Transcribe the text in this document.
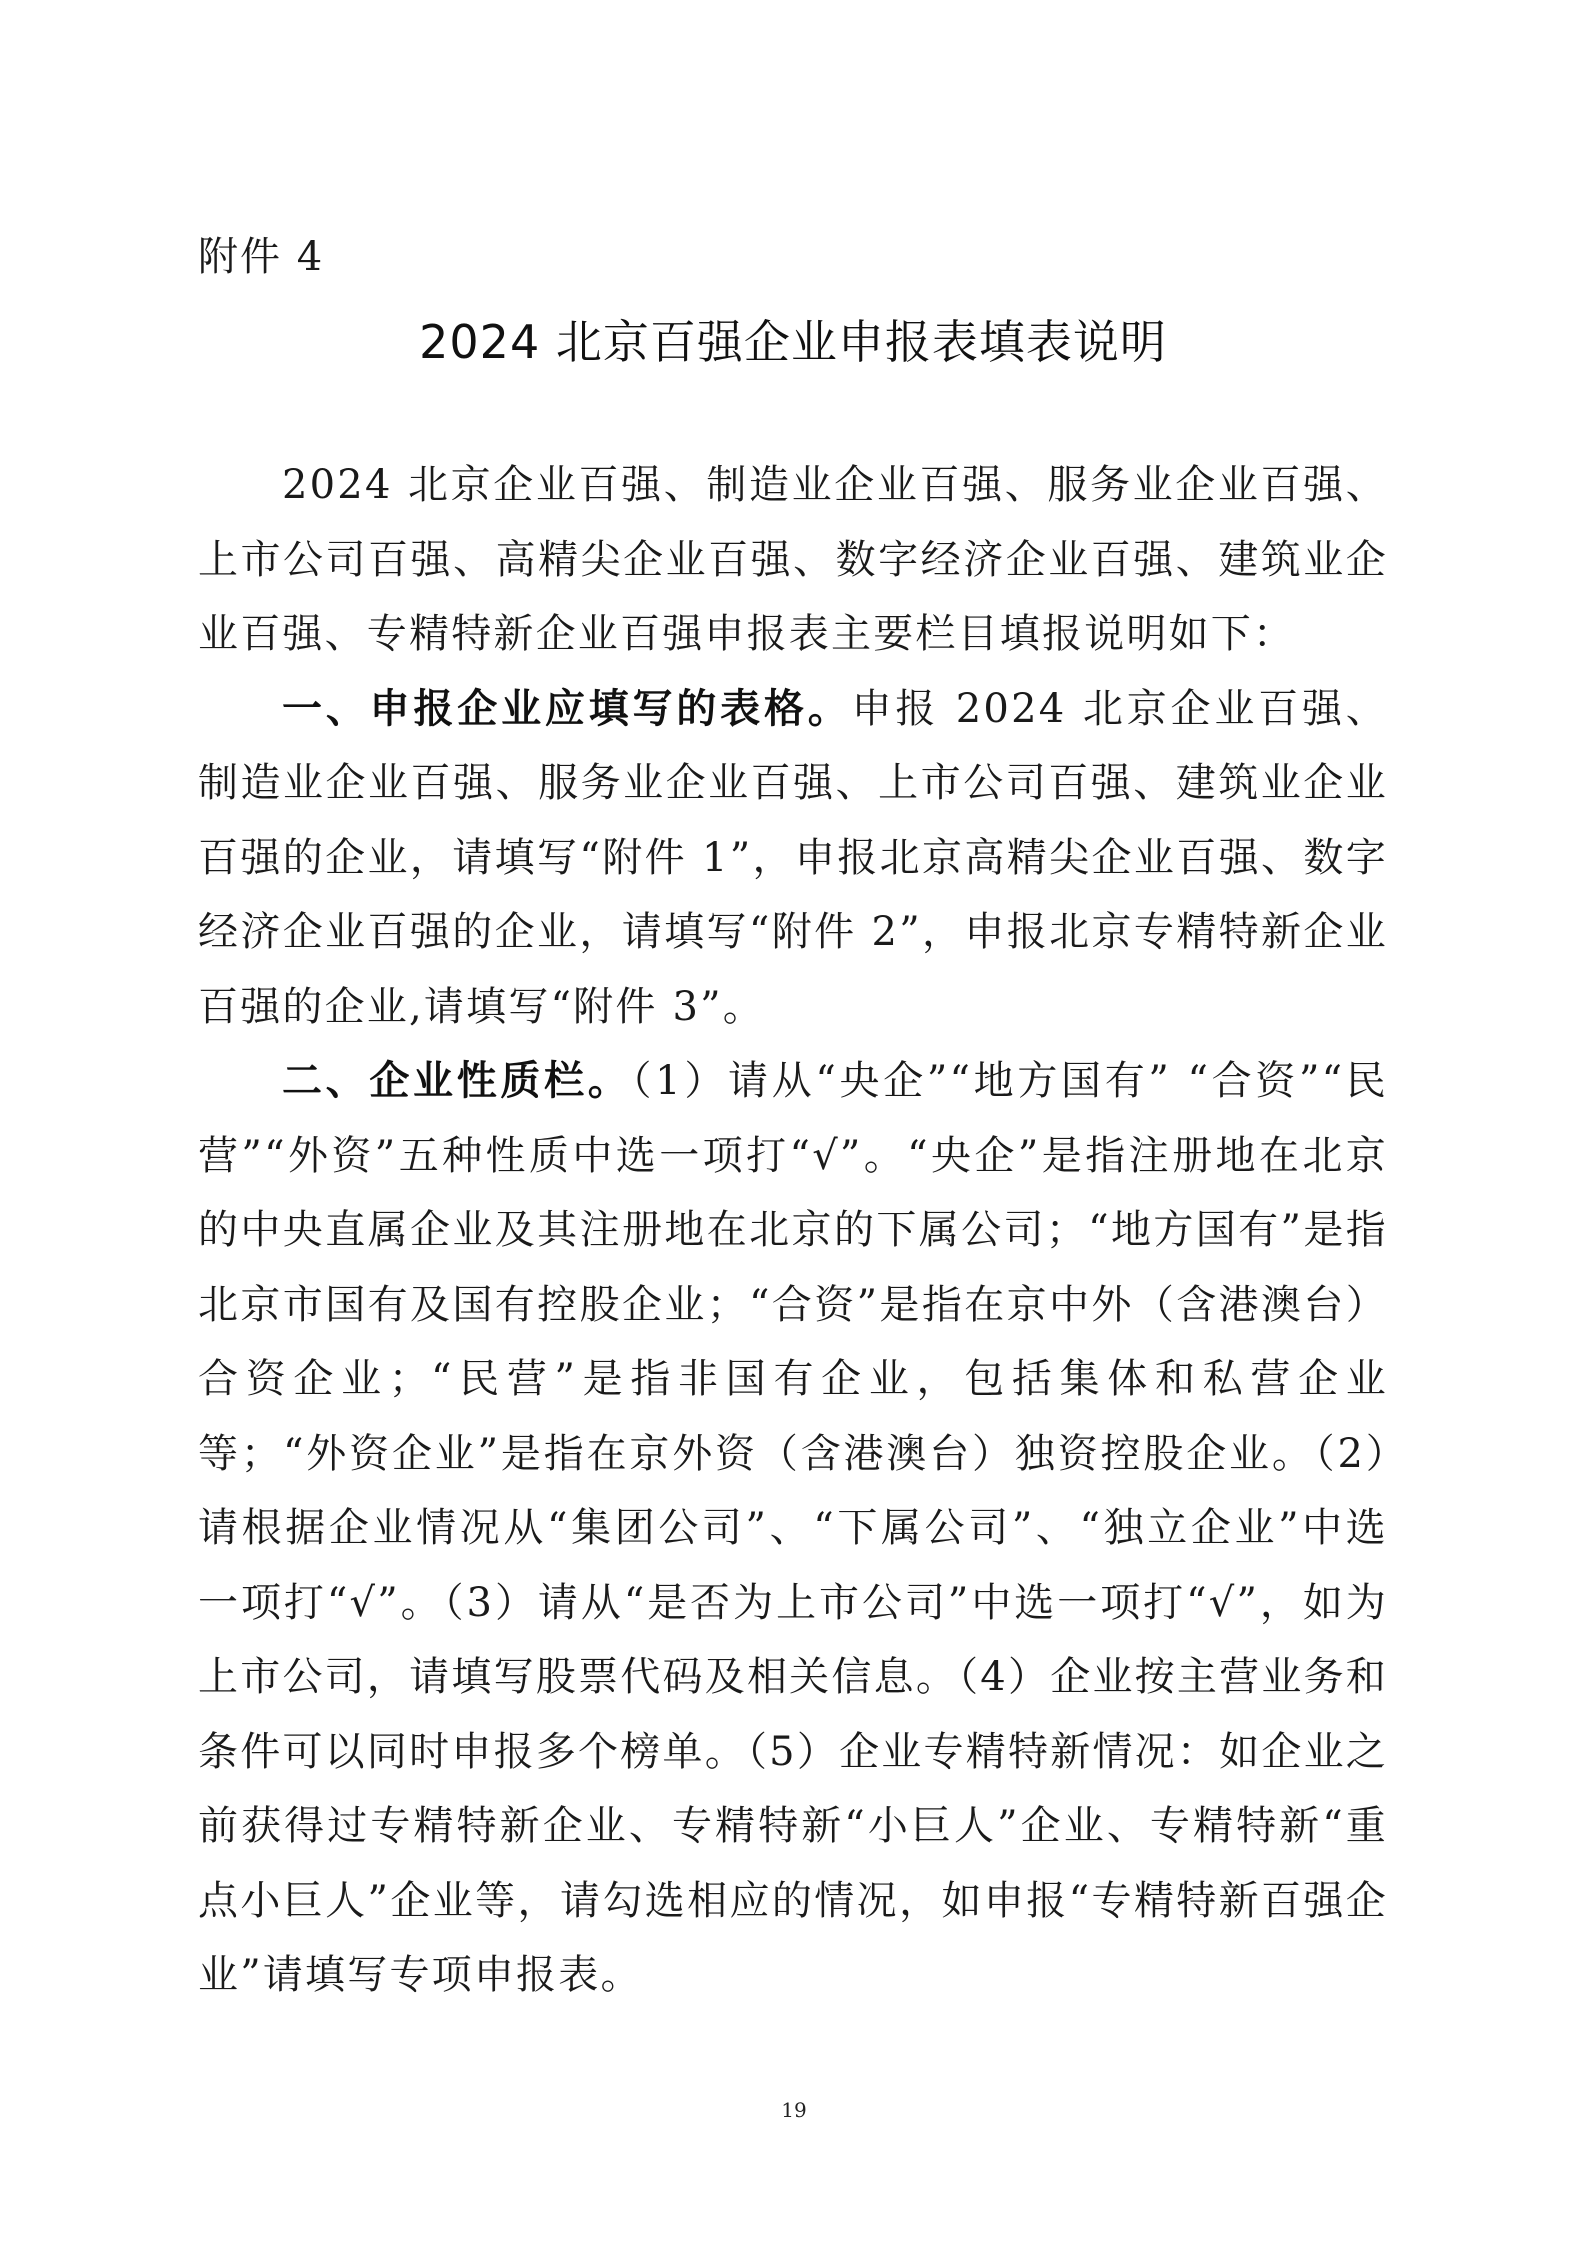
附件 4
2024 北京百强企业申报表填表说明

2024 北京企业百强、制造业企业百强、服务业企业百强、上市公司百强、高精尖企业百强、数字经济企业百强、建筑业企业百强、专精特新企业百强申报表主要栏目填报说明如下：

一、申报企业应填写的表格。申报 2024 北京企业百强、制造业企业百强、服务业企业百强、上市公司百强、建筑业企业百强的企业，请填写“附件 1”，申报北京高精尖企业百强、数字经济企业百强的企业，请填写“附件 2”，申报北京专精特新企业百强的企业,请填写“附件 3”。

二、企业性质栏。（1）请从“央企”“地方国有” “合资”“民营”“外资”五种性质中选一项打“√”。“央企”是指注册地在北京的中央直属企业及其注册地在北京的下属公司；“地方国有”是指北京市国有及国有控股企业；“合资”是指在京中外（含港澳台）合资企业；“民营”是指非国有企业，包括集体和私营企业等；“外资企业”是指在京外资（含港澳台）独资控股企业。（2）请根据企业情况从“集团公司”、“下属公司”、“独立企业”中选一项打“√”。（3）请从“是否为上市公司”中选一项打“√”，如为上市公司，请填写股票代码及相关信息。（4）企业按主营业务和条件可以同时申报多个榜单。（5）企业专精特新情况：如企业之前获得过专精特新企业、专精特新“小巨人”企业、专精特新“重点小巨人”企业等，请勾选相应的情况，如申报“专精特新百强企业”请填写专项申报表。

19
